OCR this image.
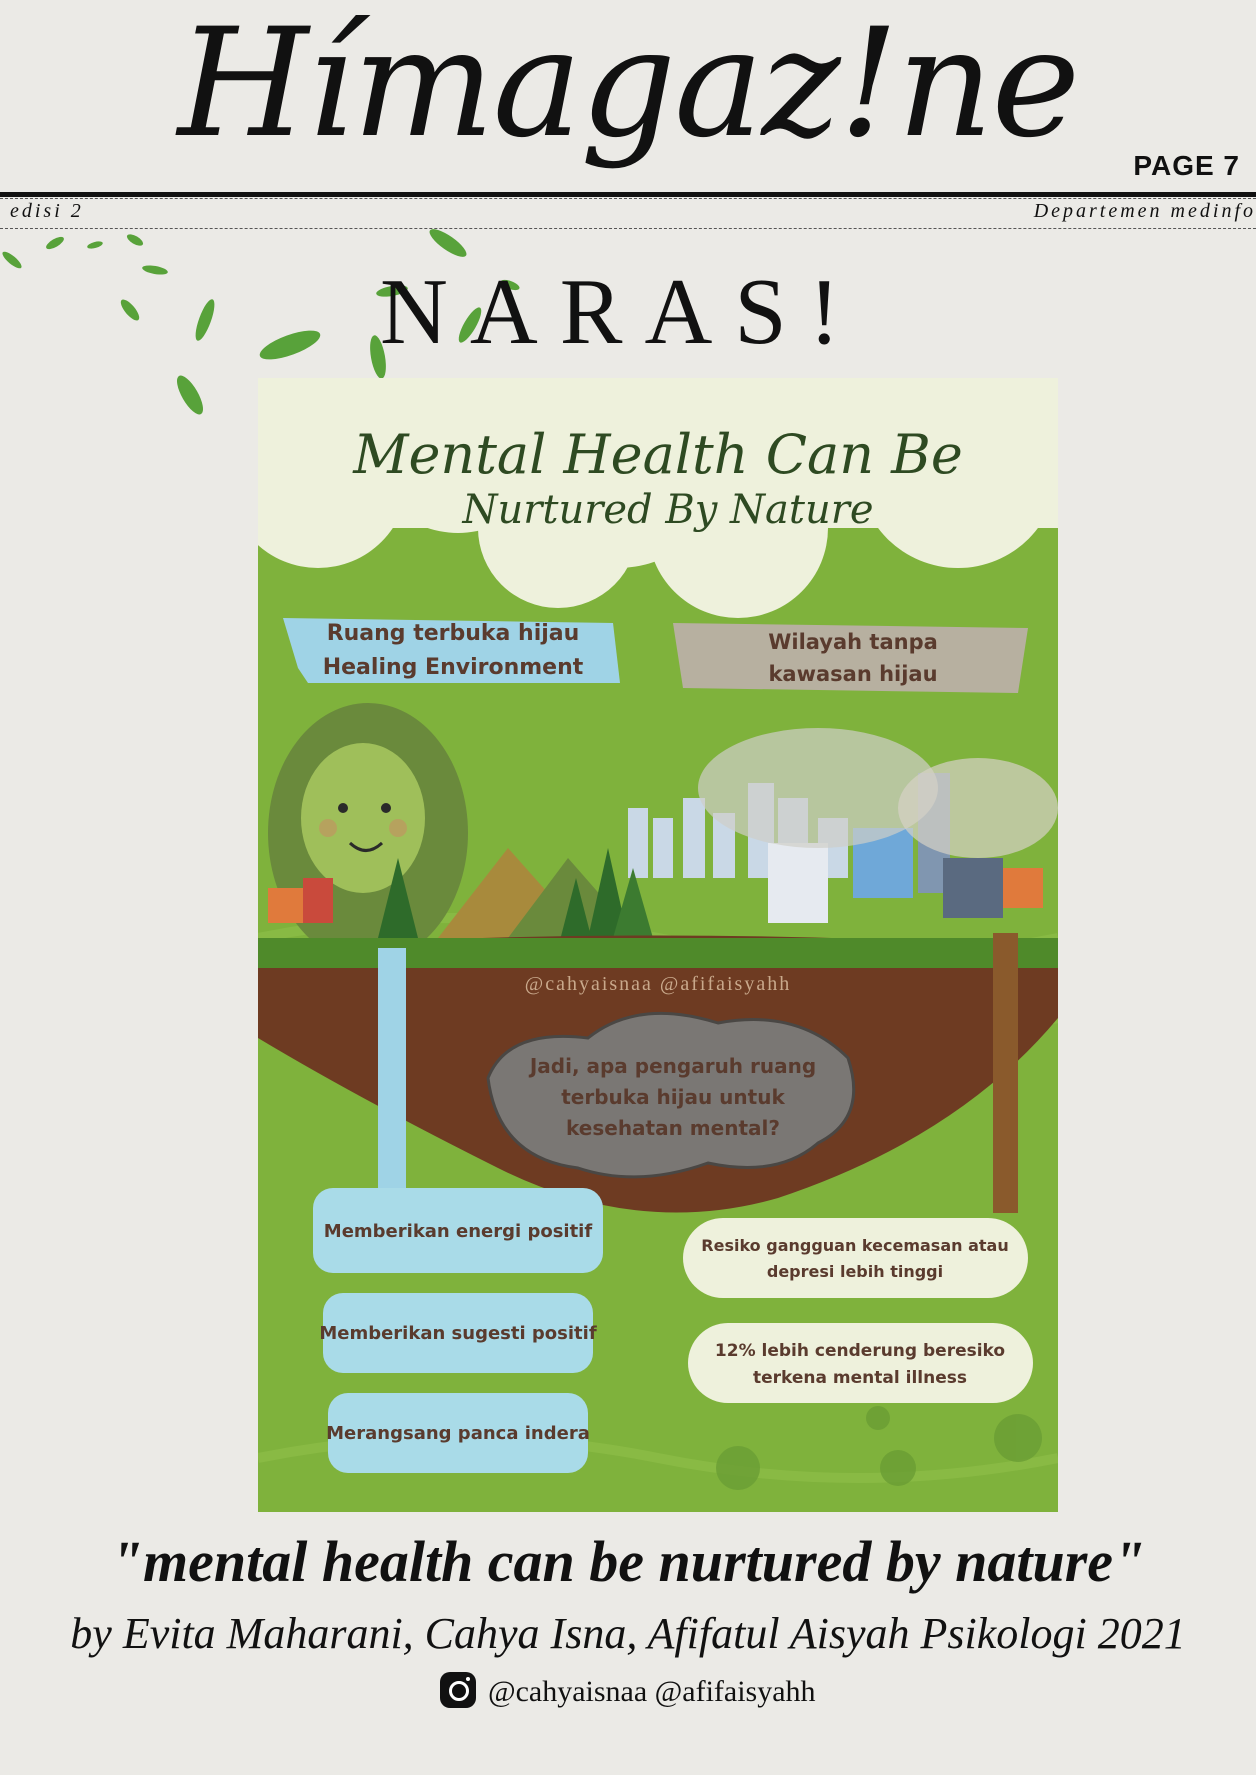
Hímagaz!ne	PAGE 7
edisi 2	Departemen medinfo
NARAS!
Mental Health Can Be
Nurtured By Nature
Ruang terbuka hijau
Healing Environment
Wilayah tanpa
kawasan hijau
@cahyaisnaa @afifaisyahh
Jadi, apa pengaruh ruang
terbuka hijau untuk
kesehatan mental?
Memberikan energi positif
Memberikan sugesti positif
Merangsang panca indera
Resiko gangguan kecemasan atau
depresi lebih tinggi
12% lebih cenderung beresiko
terkena mental illness
"mental health can be nurtured by nature"
by Evita Maharani, Cahya Isna, Afifatul Aisyah Psikologi 2021
@cahyaisnaa @afifaisyahh
